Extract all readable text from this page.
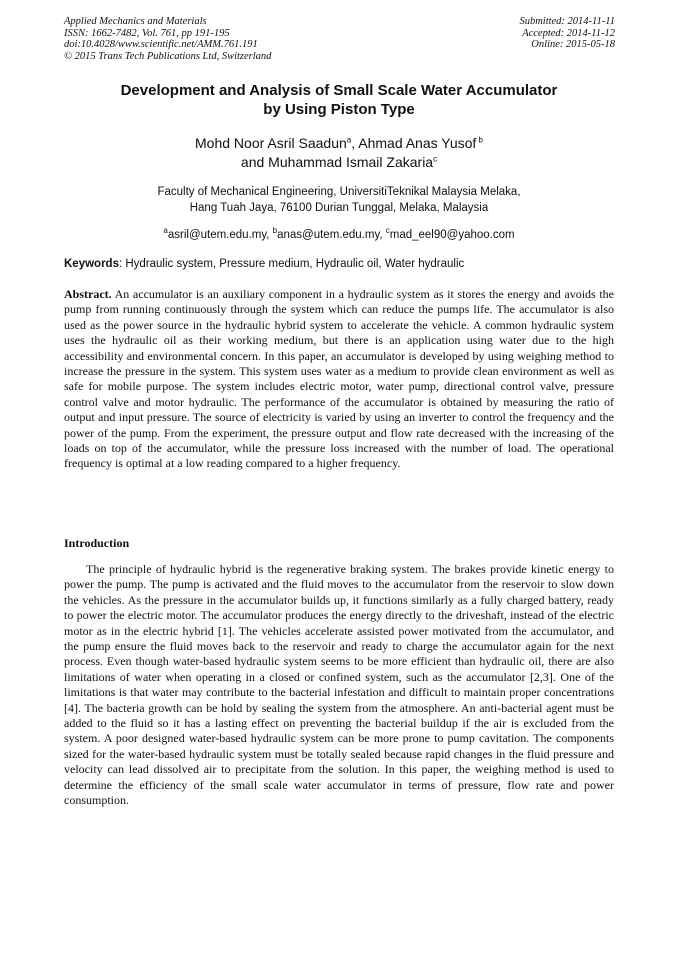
Applied Mechanics and Materials
ISSN: 1662-7482, Vol. 761, pp 191-195
doi:10.4028/www.scientific.net/AMM.761.191
© 2015 Trans Tech Publications Ltd, Switzerland
Submitted: 2014-11-11
Accepted: 2014-11-12
Online: 2015-05-18
Development and Analysis of Small Scale Water Accumulator
by Using Piston Type
Mohd Noor Asril Saadun$^a$, Ahmad Anas Yusof $^b$
and Muhammad Ismail Zakaria$^c$
Faculty of Mechanical Engineering, UniversitiTeknikal Malaysia Melaka,
Hang Tuah Jaya, 76100 Durian Tunggal, Melaka, Malaysia
$^a$asril@utem.edu.my, $^b$anas@utem.edu.my, $^c$mad_eel90@yahoo.com
Keywords: Hydraulic system, Pressure medium, Hydraulic oil, Water hydraulic
Abstract. An accumulator is an auxiliary component in a hydraulic system as it stores the energy and avoids the pump from running continuously through the system which can reduce the pumps life. The accumulator is also used as the power source in the hydraulic hybrid system to accelerate the vehicle. A common hydraulic system uses the hydraulic oil as their working medium, but there is an application using water due to the high accessibility and environmental concern. In this paper, an accumulator is developed by using weighing method to increase the pressure in the system. This system uses water as a medium to provide clean environment as well as safe for mobile purpose. The system includes electric motor, water pump, directional control valve, pressure control valve and motor hydraulic. The performance of the accumulator is obtained by measuring the ratio of output and input pressure. The source of electricity is varied by using an inverter to control the frequency and the power of the pump. From the experiment, the pressure output and flow rate decreased with the increasing of the loads on top of the accumulator, while the pressure loss increased with the number of load. The operational frequency is optimal at a low reading compared to a higher frequency.
Introduction
The principle of hydraulic hybrid is the regenerative braking system. The brakes provide kinetic energy to power the pump. The pump is activated and the fluid moves to the accumulator from the reservoir to slow down the vehicles. As the pressure in the accumulator builds up, it functions similarly as a fully charged battery, ready to power the electric motor. The accumulator produces the energy directly to the driveshaft, instead of the electric motor as in the electric hybrid [1]. The vehicles accelerate assisted power motivated from the accumulator, and the pump ensure the fluid moves back to the reservoir and ready to charge the accumulator again for the next process. Even though water-based hydraulic system seems to be more efficient than hydraulic oil, there are also limitations of water when operating in a closed or confined system, such as the accumulator [2,3]. One of the limitations is that water may contribute to the bacterial infestation and difficult to maintain proper concentrations [4]. The bacteria growth can be hold by sealing the system from the atmosphere. An anti-bacterial agent must be added to the fluid so it has a lasting effect on preventing the bacterial buildup if the air is excluded from the system. A poor designed water-based hydraulic system can be more prone to pump cavitation. The components sized for the water-based hydraulic system must be totally sealed because rapid changes in the fluid pressure and velocity can lead dissolved air to precipitate from the solution. In this paper, the weighing method is used to determine the efficiency of the small scale water accumulator in terms of pressure, flow rate and power consumption.
